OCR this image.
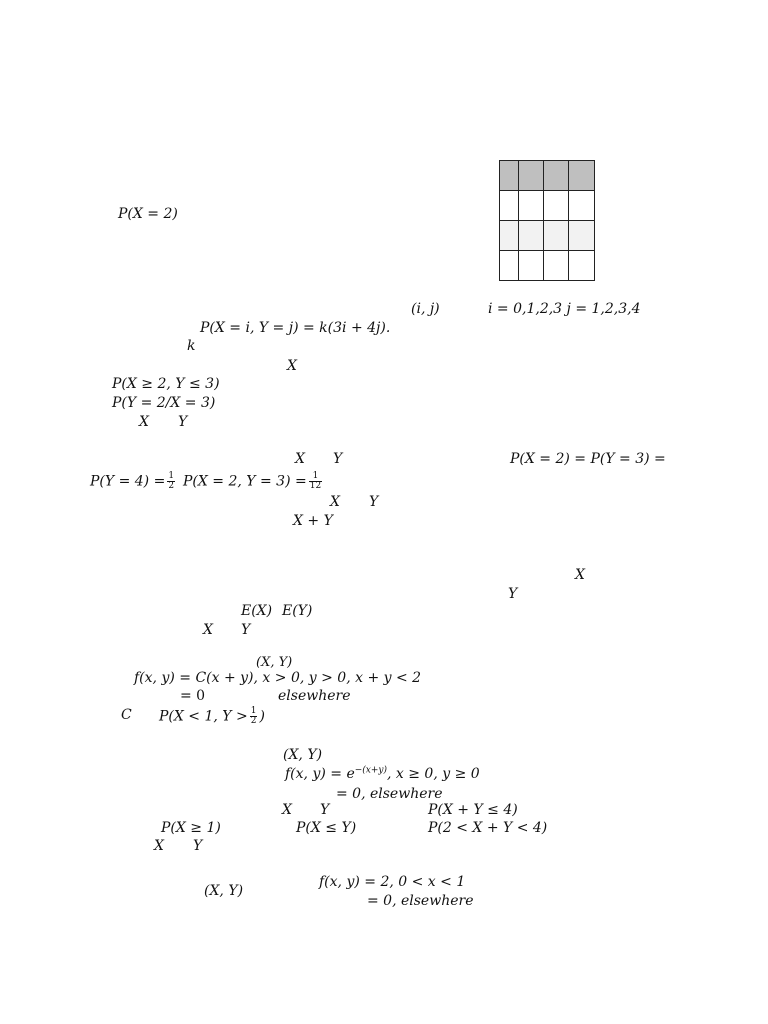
P(X = 2)

(i, j)	i = 0,1,2,3 j = 1,2,3,4
P(X = i, Y = j) = k(3i + 4j).
k
X
P(X ≥ 2, Y ≤ 3)
P(Y = 2/X = 3)
X Y
X Y	P(X = 2) = P(Y = 3) =
$P(Y = 4) = \frac{1}{2} P(X = 2$, $Y = 3) = \frac{1}{12}$
X Y
X + Y
X
Y
E(X) E(Y)
X Y
(X, Y)
f(x, y) = C(x + y), x > 0, y > 0, x + y < 2
= 0	elsewhere
C P(X < 1, $Y > \frac{1}{2}$ )
(X, Y)
f(x, $y) = e^{-(x+y)}$, x ≥ 0, y ≥ 0
= 0, elsewhere
X Y	P(X + Y ≤ 4)
P(X ≥ 1)	P(X ≤ Y)	P(2 < X + Y < 4)
X Y
(X, Y)
f(x, y) = 2, 0 < x < 1
= 0, elsewhere
